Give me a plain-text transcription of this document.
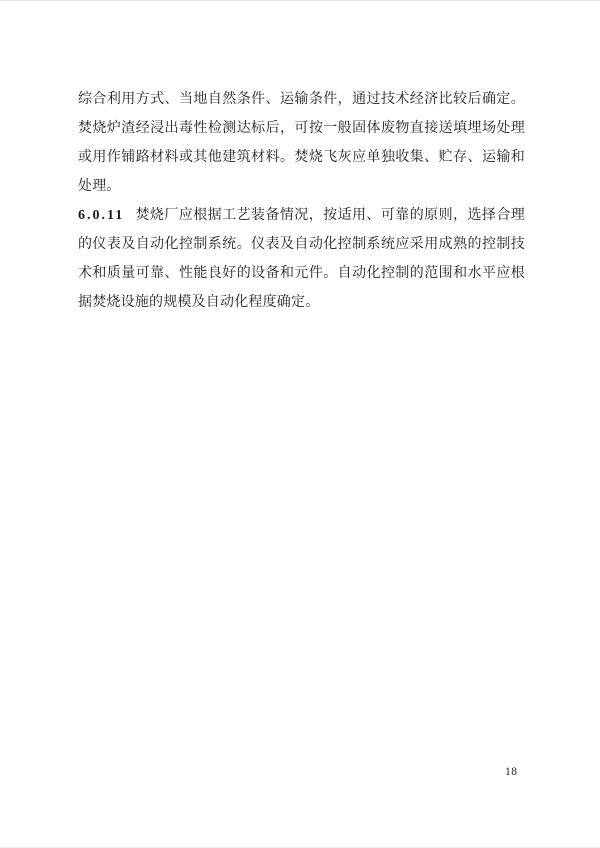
综合利用方式、当地自然条件、运输条件，通过技术经济比较后确定。焚烧炉渣经浸出毒性检测达标后，可按一般固体废物直接送填埋场处理或用作铺路材料或其他建筑材料。焚烧飞灰应单独收集、贮存、运输和处理。

6.0.11 焚烧厂应根据工艺装备情况，按适用、可靠的原则，选择合理的仪表及自动化控制系统。仪表及自动化控制系统应采用成熟的控制技术和质量可靠、性能良好的设备和元件。自动化控制的范围和水平应根据焚烧设施的规模及自动化程度确定。

18
